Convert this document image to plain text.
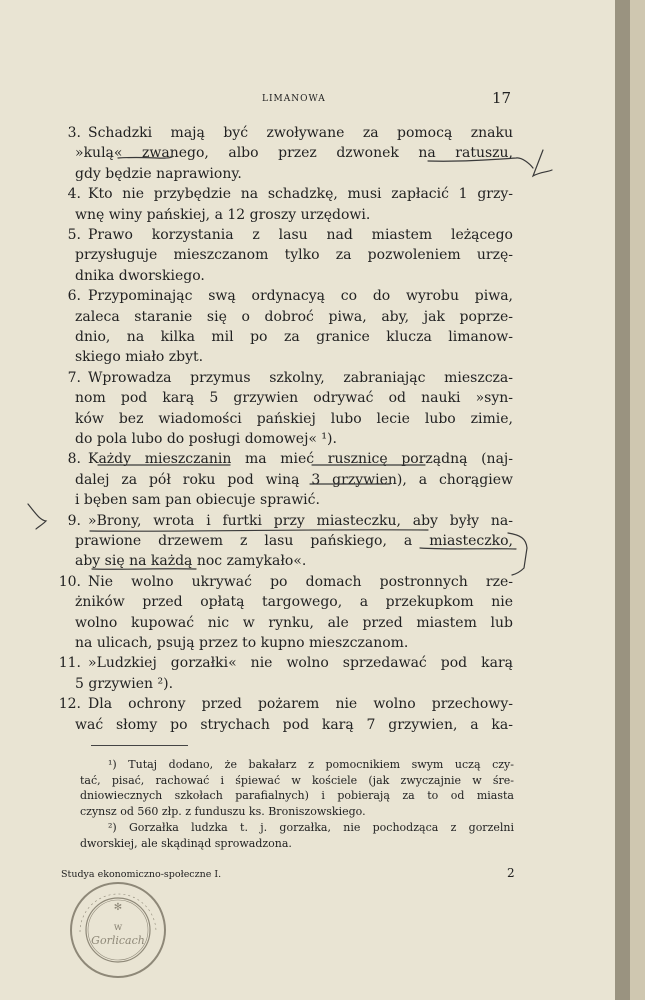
LIMANOWA	17
3. Schadzki mają być zwoływane za pomocą znaku
»kulą« zwanego, albo przez dzwonek na ratuszu,
gdy będzie naprawiony.
4. Kto nie przybędzie na schadzkę, musi zapłacić 1 grzy-
wnę winy pańskiej, a 12 groszy urzędowi.
5. Prawo korzystania z lasu nad miastem leżącego
przysługuje mieszczanom tylko za pozwoleniem urzę-
dnika dworskiego.
6. Przypominając swą ordynacyą co do wyrobu piwa,
zaleca staranie się o dobroć piwa, aby, jak poprze-
dnio, na kilka mil po za granice klucza limanow-
skiego miało zbyt.
7. Wprowadza przymus szkolny, zabraniając mieszcza-
nom pod karą 5 grzywien odrywać od nauki »syn-
ków bez wiadomości pańskiej lubo lecie lubo zimie,
do pola lubo do posługi domowej« ¹).
8. Każdy mieszczanin ma mieć rusznicę porządną (naj-
dalej za pół roku pod winą 3 grzywien), a chorągiew
i bęben sam pan obiecuje sprawić.
9. »Brony, wrota i furtki przy miasteczku, aby były na-
prawione drzewem z lasu pańskiego, a miasteczko,
aby się na każdą noc zamykało«.
10. Nie wolno ukrywać po domach postronnych rze-
żników przed opłatą targowego, a przekupkom nie
wolno kupować nic w rynku, ale przed miastem lub
na ulicach, psują przez to kupno mieszczanom.
11. »Ludzkiej gorzałki« nie wolno sprzedawać pod karą
5 grzywien ²).
12. Dla ochrony przed pożarem nie wolno przechowy-
wać słomy po strychach pod karą 7 grzywien, a ka-
¹) Tutaj dodano, że bakałarz z pomocnikiem swym uczą czy-
tać, pisać, rachować i śpiewać w kościele (jak zwyczajnie w śre-
dniowiecznych szkołach parafialnych) i pobierają za to od miasta
czynsz od 560 złp. z funduszu ks. Broniszowskiego.
²) Gorzałka ludzka t. j. gorzałka, nie pochodząca z gorzelni
dworskiej, ale skądinąd sprowadzona.
Studya ekonomiczno-społeczne I.	2
✻
w
Gorlicach
